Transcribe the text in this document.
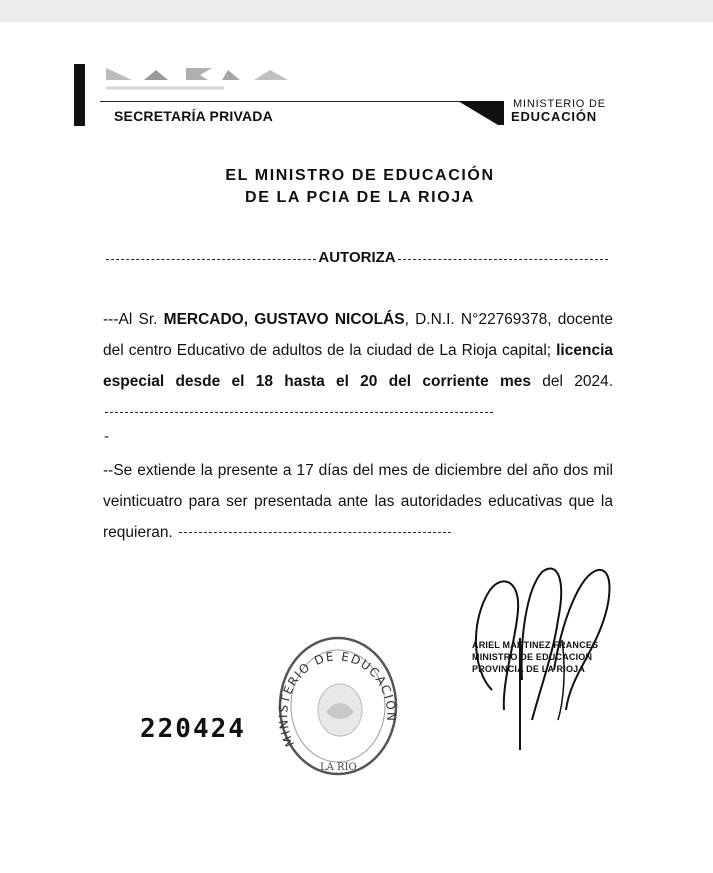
SECRETARÍA PRIVADA
MINISTERIO DE
EDUCACIÓN
EL MINISTRO DE EDUCACIÓN
DE LA PCIA DE LA RIOJA
AUTORIZA
---Al Sr. MERCADO, GUSTAVO NICOLÁS, D.N.I. N°22769378, docente del centro Educativo de adultos de la ciudad de La Rioja capital; licencia especial desde el 18 hasta el 20 del corriente mes del 2024.
-
--Se extiende la presente a 17 días del mes de diciembre del año dos mil veinticuatro para ser presentada ante las autoridades educativas que la requieran.
MINISTERIO DE EDUCACIÓN
LA RIO
ARIEL MARTINEZ FRANCES
MINISTRO DE EDUCACION
PROVINCIA DE LA RIOJA
220424
